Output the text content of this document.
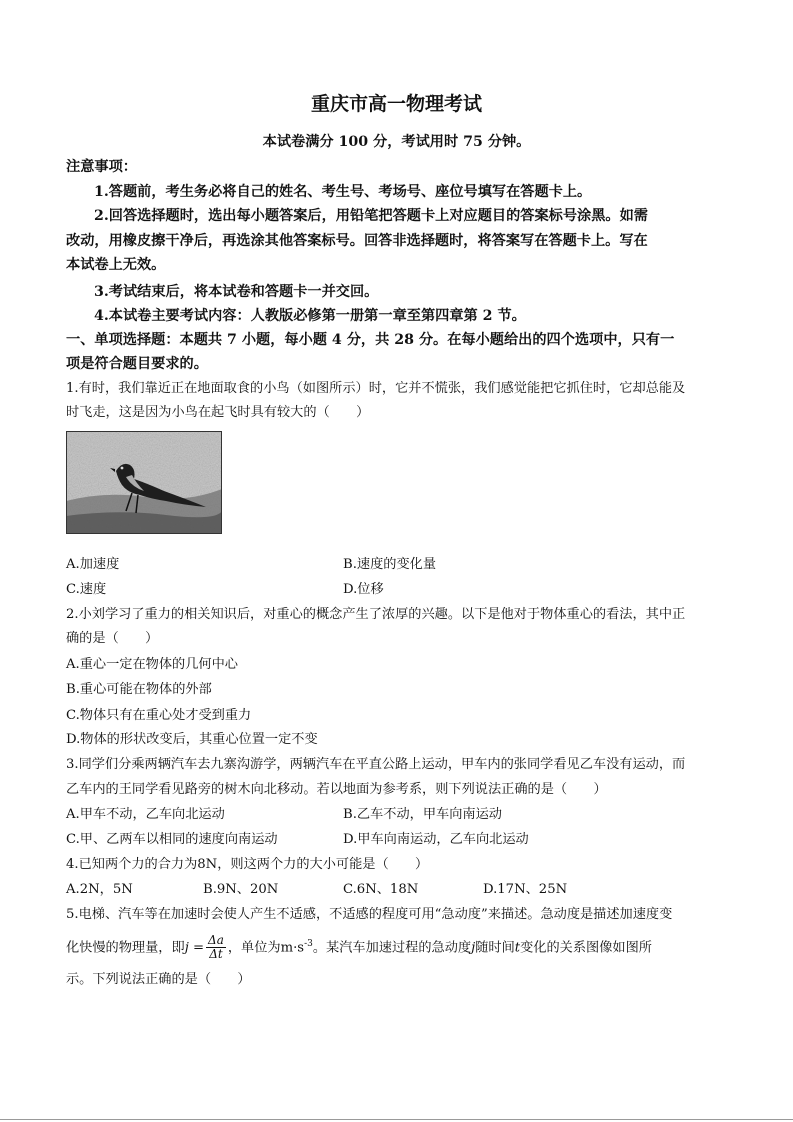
重庆市高一物理考试
本试卷满分 100 分，考试用时 75 分钟。
注意事项：
1.答题前，考生务必将自己的姓名、考生号、考场号、座位号填写在答题卡上。
2.回答选择题时，选出每小题答案后，用铅笔把答题卡上对应题目的答案标号涂黑。如需
改动，用橡皮擦干净后，再选涂其他答案标号。回答非选择题时，将答案写在答题卡上。写在
本试卷上无效。
3.考试结束后，将本试卷和答题卡一并交回。
4.本试卷主要考试内容：人教版必修第一册第一章至第四章第 2 节。
一、单项选择题：本题共 7 小题，每小题 4 分，共 28 分。在每小题给出的四个选项中，只有一
项是符合题目要求的。
1.有时，我们靠近正在地面取食的小鸟（如图所示）时，它并不慌张，我们感觉能把它抓住时，它却总能及
时飞走，这是因为小鸟在起飞时具有较大的（　　）
A.加速度	B.速度的变化量
C.速度	D.位移
2.小刘学习了重力的相关知识后，对重心的概念产生了浓厚的兴趣。以下是他对于物体重心的看法，其中正
确的是（　　）
A.重心一定在物体的几何中心
B.重心可能在物体的外部
C.物体只有在重心处才受到重力
D.物体的形状改变后，其重心位置一定不变
3.同学们分乘两辆汽车去九寨沟游学，两辆汽车在平直公路上运动，甲车内的张同学看见乙车没有运动，而
乙车内的王同学看见路旁的树木向北移动。若以地面为参考系，则下列说法正确的是（　　）
A.甲车不动，乙车向北运动	B.乙车不动，甲车向南运动
C.甲、乙两车以相同的速度向南运动	D.甲车向南运动，乙车向北运动
4.已知两个力的合力为8N，则这两个力的大小可能是（　　）
A.2N，5N	B.9N、20N	C.6N、18N	D.17N、25N
5.电梯、汽车等在加速时会使人产生不适感，不适感的程度可用“急动度”来描述。急动度是描述加速度变
化快慢的物理量，即$j = \frac{\Delta a}{\Delta t}$ ，单位为$m\cdot s^{-3}$。某汽车加速过程的急动度j随时间t变化的关系图像如图所
示。下列说法正确的是（　　）
